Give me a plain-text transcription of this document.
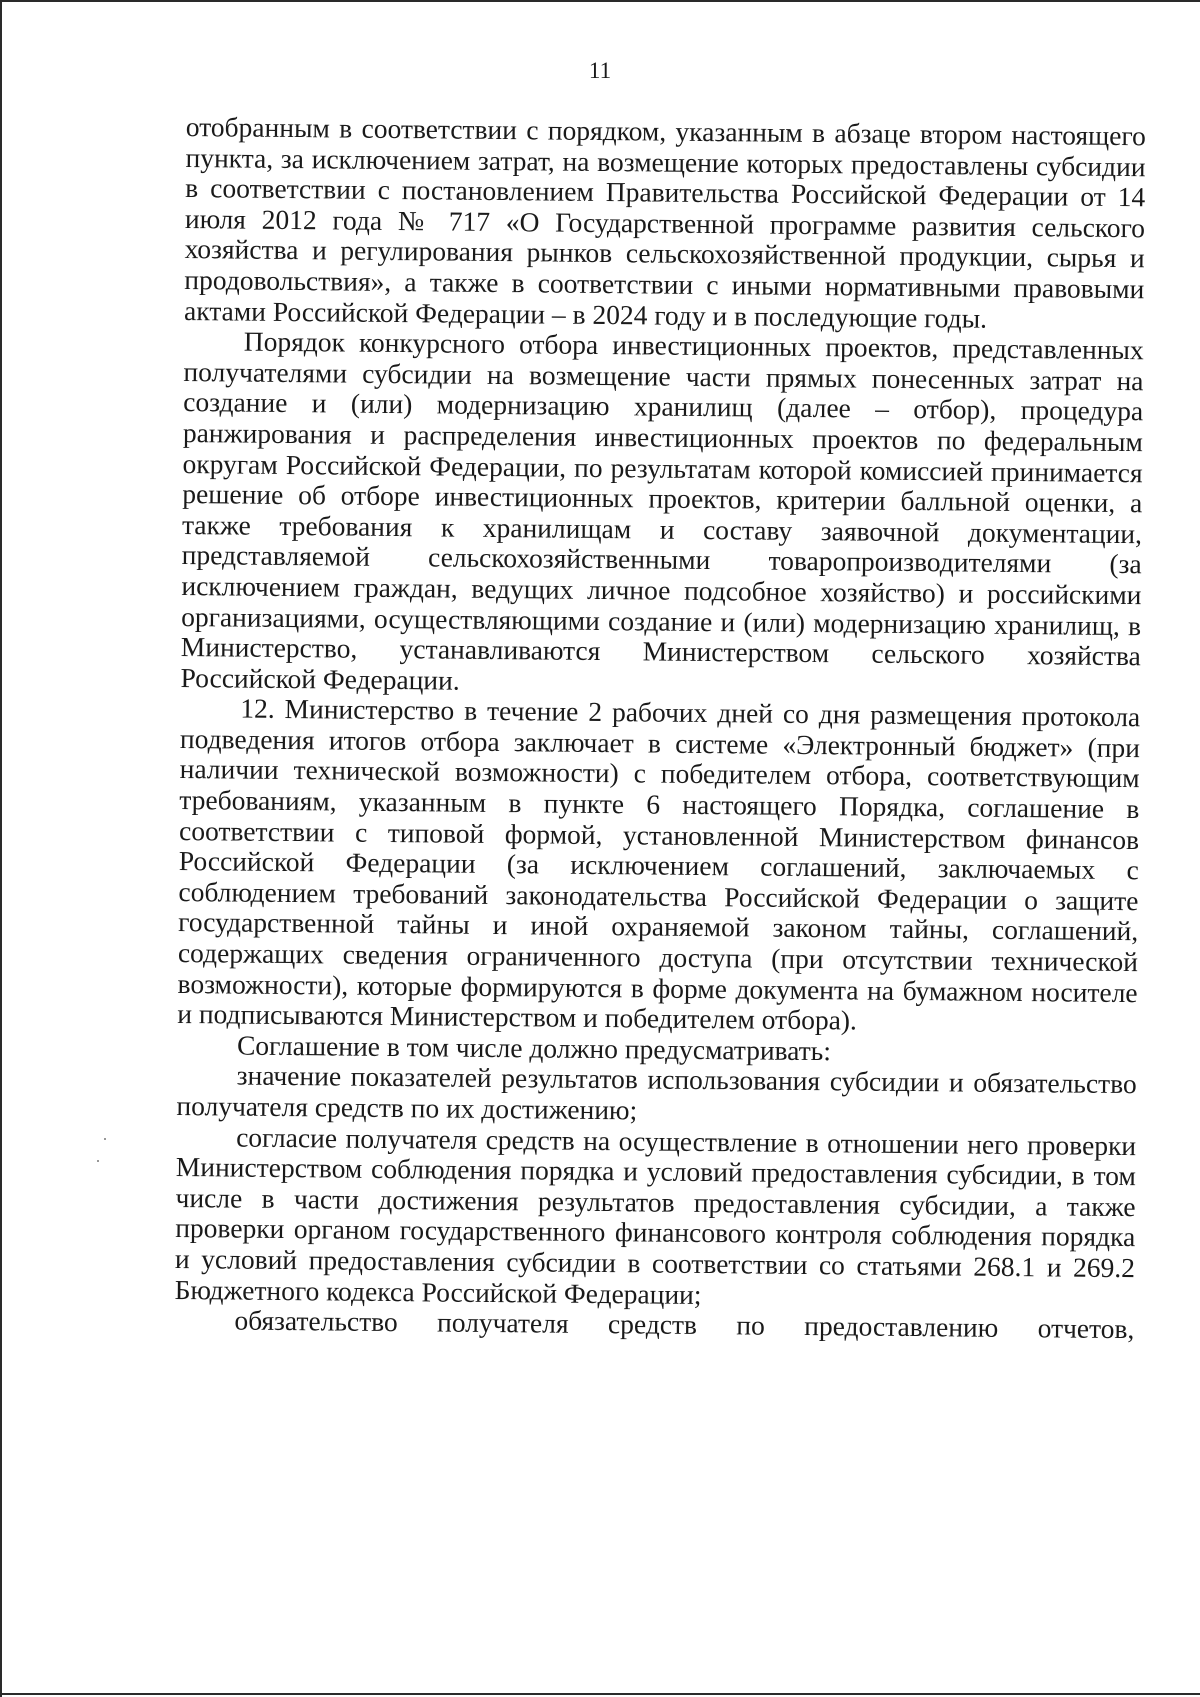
11

отобранным в соответствии с порядком, указанным в абзаце втором настоящего пункта, за исключением затрат, на возмещение которых предоставлены субсидии в соответствии с постановлением Правительства Российской Федерации от 14 июля 2012 года № 717 «О Государственной программе развития сельского хозяйства и регулирования рынков сельскохозяйственной продукции, сырья и продовольствия», а также в соответствии с иными нормативными правовыми актами Российской Федерации – в 2024 году и в последующие годы.

Порядок конкурсного отбора инвестиционных проектов, представленных получателями субсидии на возмещение части прямых понесенных затрат на создание и (или) модернизацию хранилищ (далее – отбор), процедура ранжирования и распределения инвестиционных проектов по федеральным округам Российской Федерации, по результатам которой комиссией принимается решение об отборе инвестиционных проектов, критерии балльной оценки, а также требования к хранилищам и составу заявочной документации, представляемой сельскохозяйственными товаропроизводителями (за исключением граждан, ведущих личное подсобное хозяйство) и российскими организациями, осуществляющими создание и (или) модернизацию хранилищ, в Министерство, устанавливаются Министерством сельского хозяйства Российской Федерации.

12. Министерство в течение 2 рабочих дней со дня размещения протокола подведения итогов отбора заключает в системе «Электронный бюджет» (при наличии технической возможности) с победителем отбора, соответствующим требованиям, указанным в пункте 6 настоящего Порядка, соглашение в соответствии с типовой формой, установленной Министерством финансов Российской Федерации (за исключением соглашений, заключаемых с соблюдением требований законодательства Российской Федерации о защите государственной тайны и иной охраняемой законом тайны, соглашений, содержащих сведения ограниченного доступа (при отсутствии технической возможности), которые формируются в форме документа на бумажном носителе и подписываются Министерством и победителем отбора).

Соглашение в том числе должно предусматривать:

значение показателей результатов использования субсидии и обязательство получателя средств по их достижению;

согласие получателя средств на осуществление в отношении него проверки Министерством соблюдения порядка и условий предоставления субсидии, в том числе в части достижения результатов предоставления субсидии, а также проверки органом государственного финансового контроля соблюдения порядка и условий предоставления субсидии в соответствии со статьями 268.1 и 269.2 Бюджетного кодекса Российской Федерации;

обязательство получателя средств по предоставлению отчетов,
